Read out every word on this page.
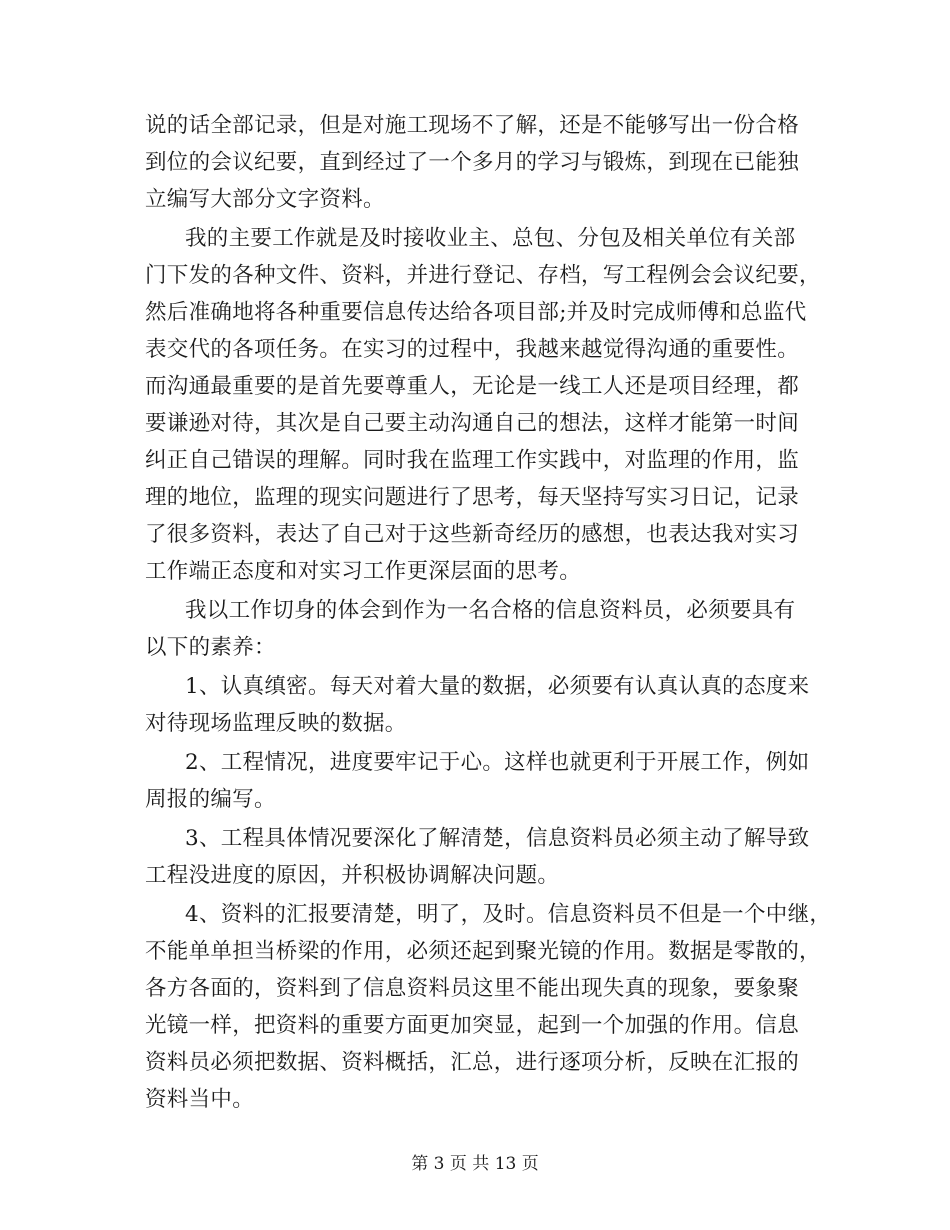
说的话全部记录，但是对施工现场不了解，还是不能够写出一份合格
到位的会议纪要，直到经过了一个多月的学习与锻炼，到现在已能独
立编写大部分文字资料。
我的主要工作就是及时接收业主、总包、分包及相关单位有关部
门下发的各种文件、资料，并进行登记、存档，写工程例会会议纪要，
然后准确地将各种重要信息传达给各项目部;并及时完成师傅和总监代
表交代的各项任务。在实习的过程中，我越来越觉得沟通的重要性。
而沟通最重要的是首先要尊重人，无论是一线工人还是项目经理，都
要谦逊对待，其次是自己要主动沟通自己的想法，这样才能第一时间
纠正自己错误的理解。同时我在监理工作实践中，对监理的作用，监
理的地位，监理的现实问题进行了思考，每天坚持写实习日记，记录
了很多资料，表达了自己对于这些新奇经历的感想，也表达我对实习
工作端正态度和对实习工作更深层面的思考。
我以工作切身的体会到作为一名合格的信息资料员，必须要具有
以下的素养：
1、认真缜密。每天对着大量的数据，必须要有认真认真的态度来
对待现场监理反映的数据。
2、工程情况，进度要牢记于心。这样也就更利于开展工作，例如
周报的编写。
3、工程具体情况要深化了解清楚，信息资料员必须主动了解导致
工程没进度的原因，并积极协调解决问题。
4、资料的汇报要清楚，明了，及时。信息资料员不但是一个中继，
不能单单担当桥梁的作用，必须还起到聚光镜的作用。数据是零散的，
各方各面的，资料到了信息资料员这里不能出现失真的现象，要象聚
光镜一样，把资料的重要方面更加突显，起到一个加强的作用。信息
资料员必须把数据、资料概括，汇总，进行逐项分析，反映在汇报的
资料当中。
第 3 页 共 13 页
